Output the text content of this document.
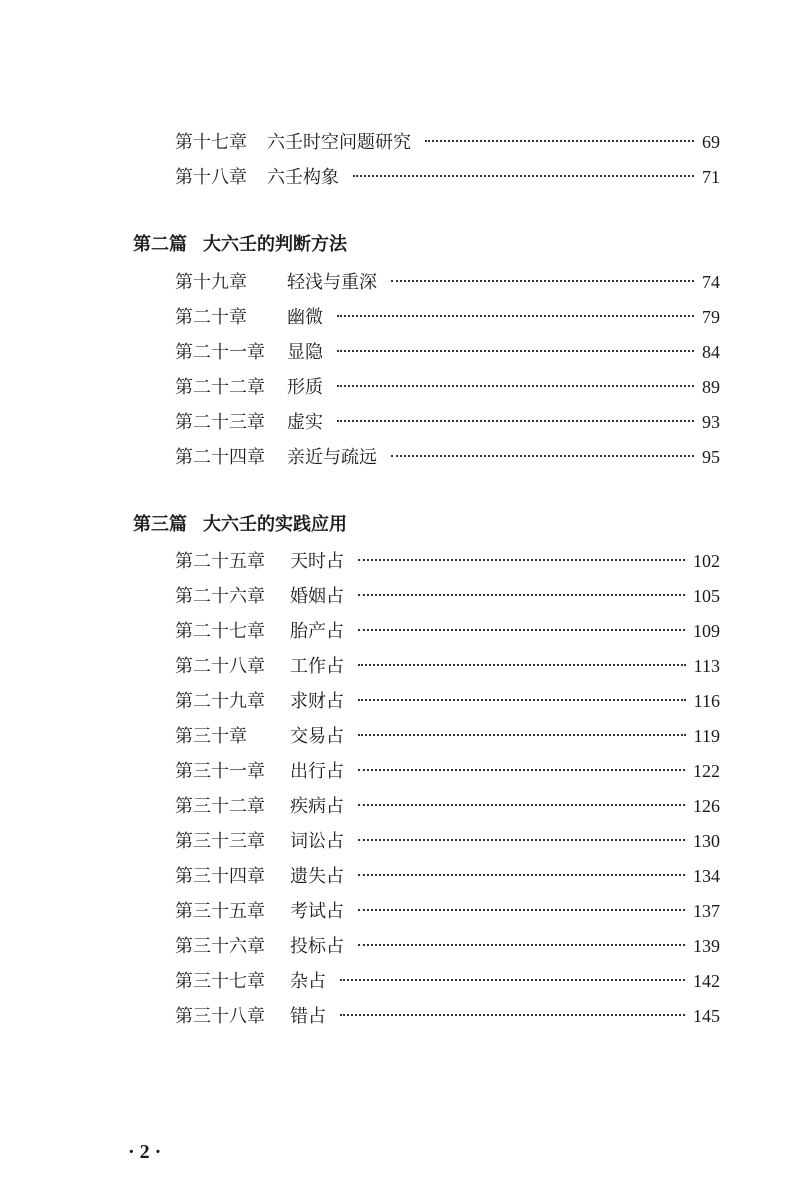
第十七章 六壬时空问题研究	69
第十八章 六壬构象	71
第二篇 大六壬的判断方法
第十九章	轻浅与重深	74
第二十章	幽微	79
第二十一章	显隐	84
第二十二章	形质	89
第二十三章	虚实	93
第二十四章	亲近与疏远	95
第三篇 大六壬的实践应用
第二十五章	天时占	102
第二十六章	婚姻占	105
第二十七章	胎产占	109
第二十八章	工作占	113
第二十九章	求财占	116
第三十章	交易占	119
第三十一章	出行占	122
第三十二章	疾病占	126
第三十三章	词讼占	130
第三十四章	遗失占	134
第三十五章	考试占	137
第三十六章	投标占	139
第三十七章	杂占	142
第三十八章	错占	145
· 2 ·
